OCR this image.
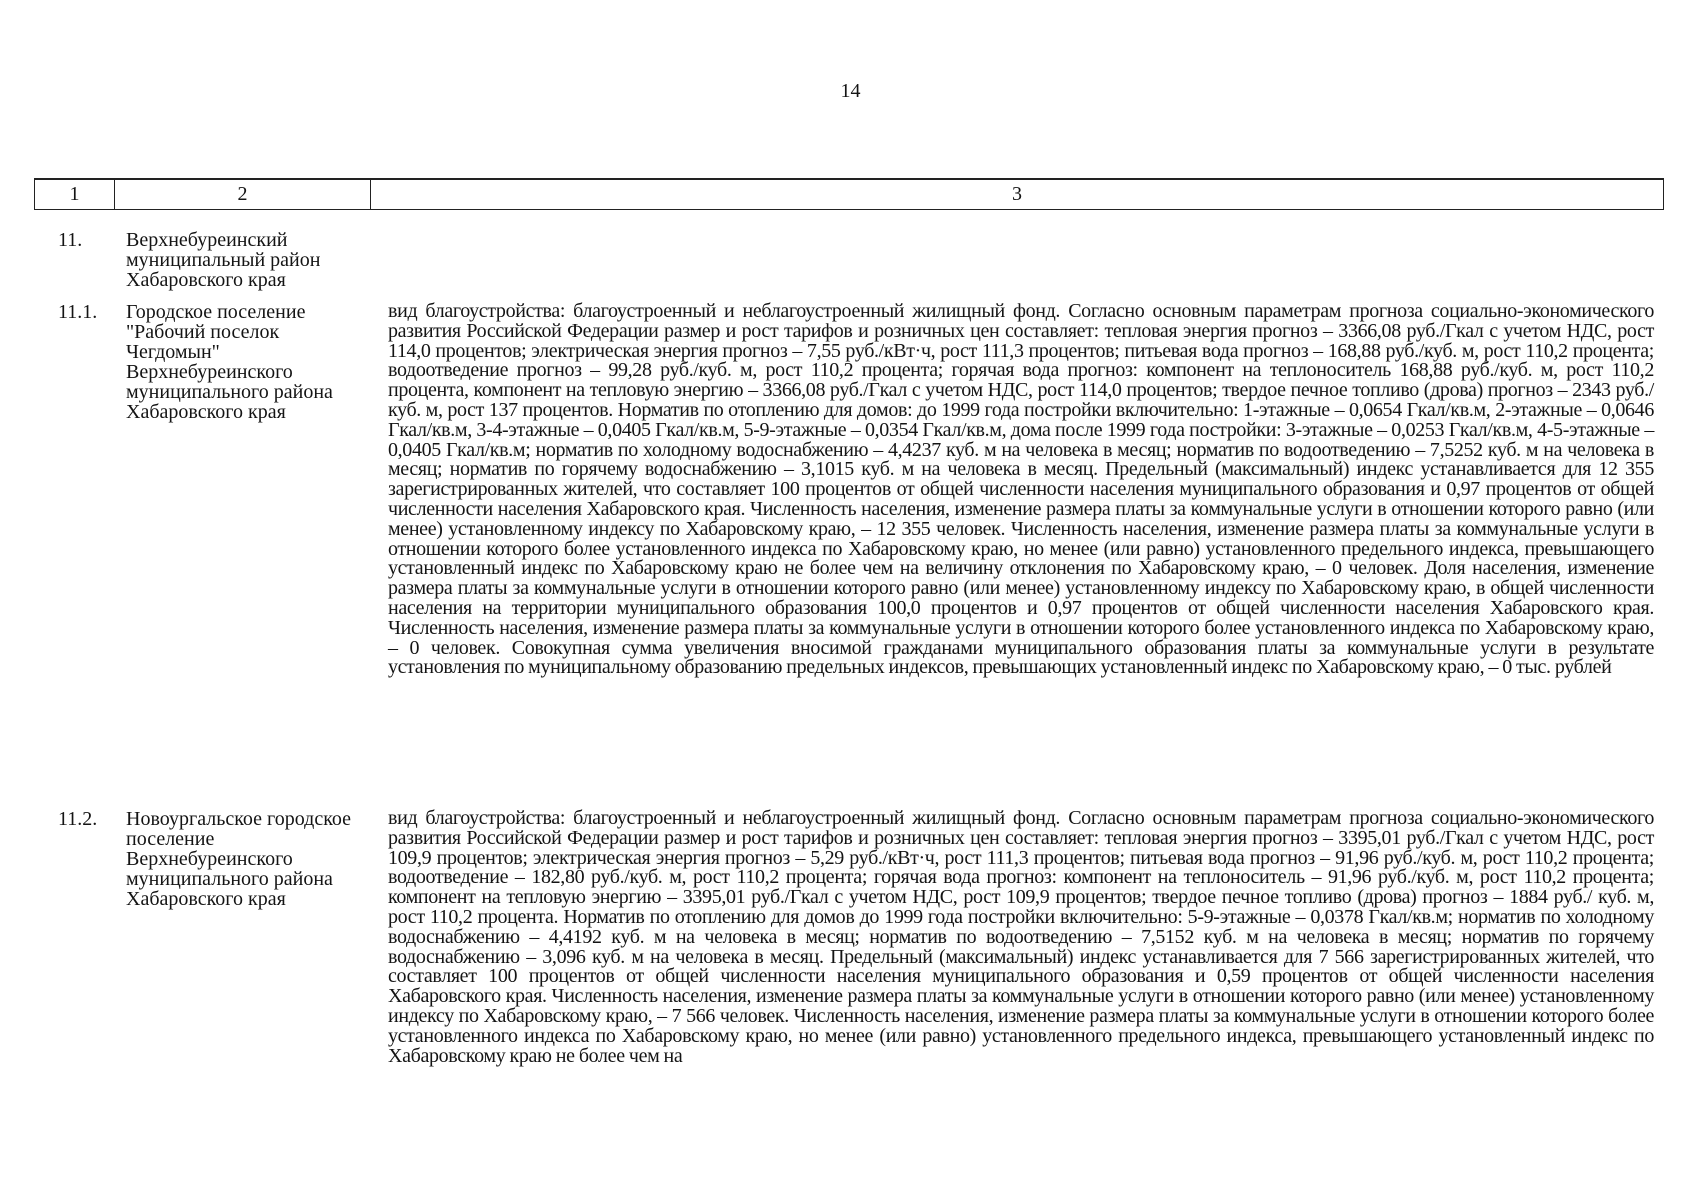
14
1	2	3
11. Верхнебуреинский муниципальный район Хабаровского края
11.1. Городское поселение "Рабочий поселок Чегдомын" Верхнебуреинского муниципального района Хабаровского края
вид благоустройства: благоустроенный и неблагоустроенный жилищный фонд. Согласно основным параметрам прогноза социально-экономического развития Российской Федерации размер и рост тарифов и розничных цен составляет: тепловая энергия прогноз – 3366,08 руб./Гкал с учетом НДС, рост 114,0 процентов; электрическая энергия прогноз – 7,55 руб./кВт·ч, рост 111,3 процентов; питьевая вода прогноз – 168,88 руб./куб. м, рост 110,2 процента; водоотведение прогноз – 99,28 руб./куб. м, рост 110,2 процента; горячая вода прогноз: компонент на теплоноситель 168,88 руб./куб. м, рост 110,2 процента, компонент на тепловую энергию – 3366,08 руб./Гкал с учетом НДС, рост 114,0 процентов; твердое печное топливо (дрова) прогноз – 2343 руб./куб. м, рост 137 процентов. Норматив по отоплению для домов: до 1999 года постройки включительно: 1-этажные – 0,0654 Гкал/кв.м, 2-этажные – 0,0646 Гкал/кв.м, 3-4-этажные – 0,0405 Гкал/кв.м, 5-9-этажные – 0,0354 Гкал/кв.м, дома после 1999 года постройки: 3-этажные – 0,0253 Гкал/кв.м, 4-5-этажные – 0,0405 Гкал/кв.м; норматив по холодному водоснабжению – 4,4237 куб. м на человека в месяц; норматив по водоотведению – 7,5252 куб. м на человека в месяц; норматив по горячему водоснабжению – 3,1015 куб. м на человека в месяц. Предельный (максимальный) индекс устанавливается для 12 355 зарегистрированных жителей, что составляет 100 процентов от общей численности населения муниципального образования и 0,97 процентов от общей численности населения Хабаровского края. Численность населения, изменение размера платы за коммунальные услуги в отношении которого равно (или менее) установленному индексу по Хабаровскому краю, – 12 355 человек. Численность населения, изменение размера платы за коммунальные услуги в отношении которого более установленного индекса по Хабаровскому краю, но менее (или равно) установленного предельного индекса, превышающего установленный индекс по Хабаровскому краю не более чем на величину отклонения по Хабаровскому краю, – 0 человек. Доля населения, изменение размера платы за коммунальные услуги в отношении которого равно (или менее) установленному индексу по Хабаровскому краю, в общей численности населения на территории муниципального образования 100,0 процентов и 0,97 процентов от общей численности населения Хабаровского края. Численность населения, изменение размера платы за коммунальные услуги в отношении которого более установленного индекса по Хабаровскому краю, – 0 человек. Совокупная сумма увеличения вносимой гражданами муниципального образования платы за коммунальные услуги в результате установления по муниципальному образованию предельных индексов, превышающих установленный индекс по Хабаровскому краю, – 0 тыс. рублей
11.2. Новоургальское городское поселение Верхнебуреинского муниципального района Хабаровского края
вид благоустройства: благоустроенный и неблагоустроенный жилищный фонд. Согласно основным параметрам прогноза социально-экономического развития Российской Федерации размер и рост тарифов и розничных цен составляет: тепловая энергия прогноз – 3395,01 руб./Гкал с учетом НДС, рост 109,9 процентов; электрическая энергия прогноз – 5,29 руб./кВт·ч, рост 111,3 процентов; питьевая вода прогноз – 91,96 руб./куб. м, рост 110,2 процента; водоотведение – 182,80 руб./куб. м, рост 110,2 процента; горячая вода прогноз: компонент на теплоноситель – 91,96 руб./куб. м, рост 110,2 процента; компонент на тепловую энергию – 3395,01 руб./Гкал с учетом НДС, рост 109,9 процентов; твердое печное топливо (дрова) прогноз – 1884 руб./ куб. м, рост 110,2 процента. Норматив по отоплению для домов до 1999 года постройки включительно: 5-9-этажные – 0,0378 Гкал/кв.м; норматив по холодному водоснабжению – 4,4192 куб. м на человека в месяц; норматив по водоотведению – 7,5152 куб. м на человека в месяц; норматив по горячему водоснабжению – 3,096 куб. м на человека в месяц. Предельный (максимальный) индекс устанавливается для 7 566 зарегистрированных жителей, что составляет 100 процентов от общей численности населения муниципального образования и 0,59 процентов от общей численности населения Хабаровского края. Численность населения, изменение размера платы за коммунальные услуги в отношении которого равно (или менее) установленному индексу по Хабаровскому краю, – 7 566 человек. Численность населения, изменение размера платы за коммунальные услуги в отношении которого более установленного индекса по Хабаровскому краю, но менее (или равно) установленного предельного индекса, превышающего установленный индекс по Хабаровскому краю не более чем на
